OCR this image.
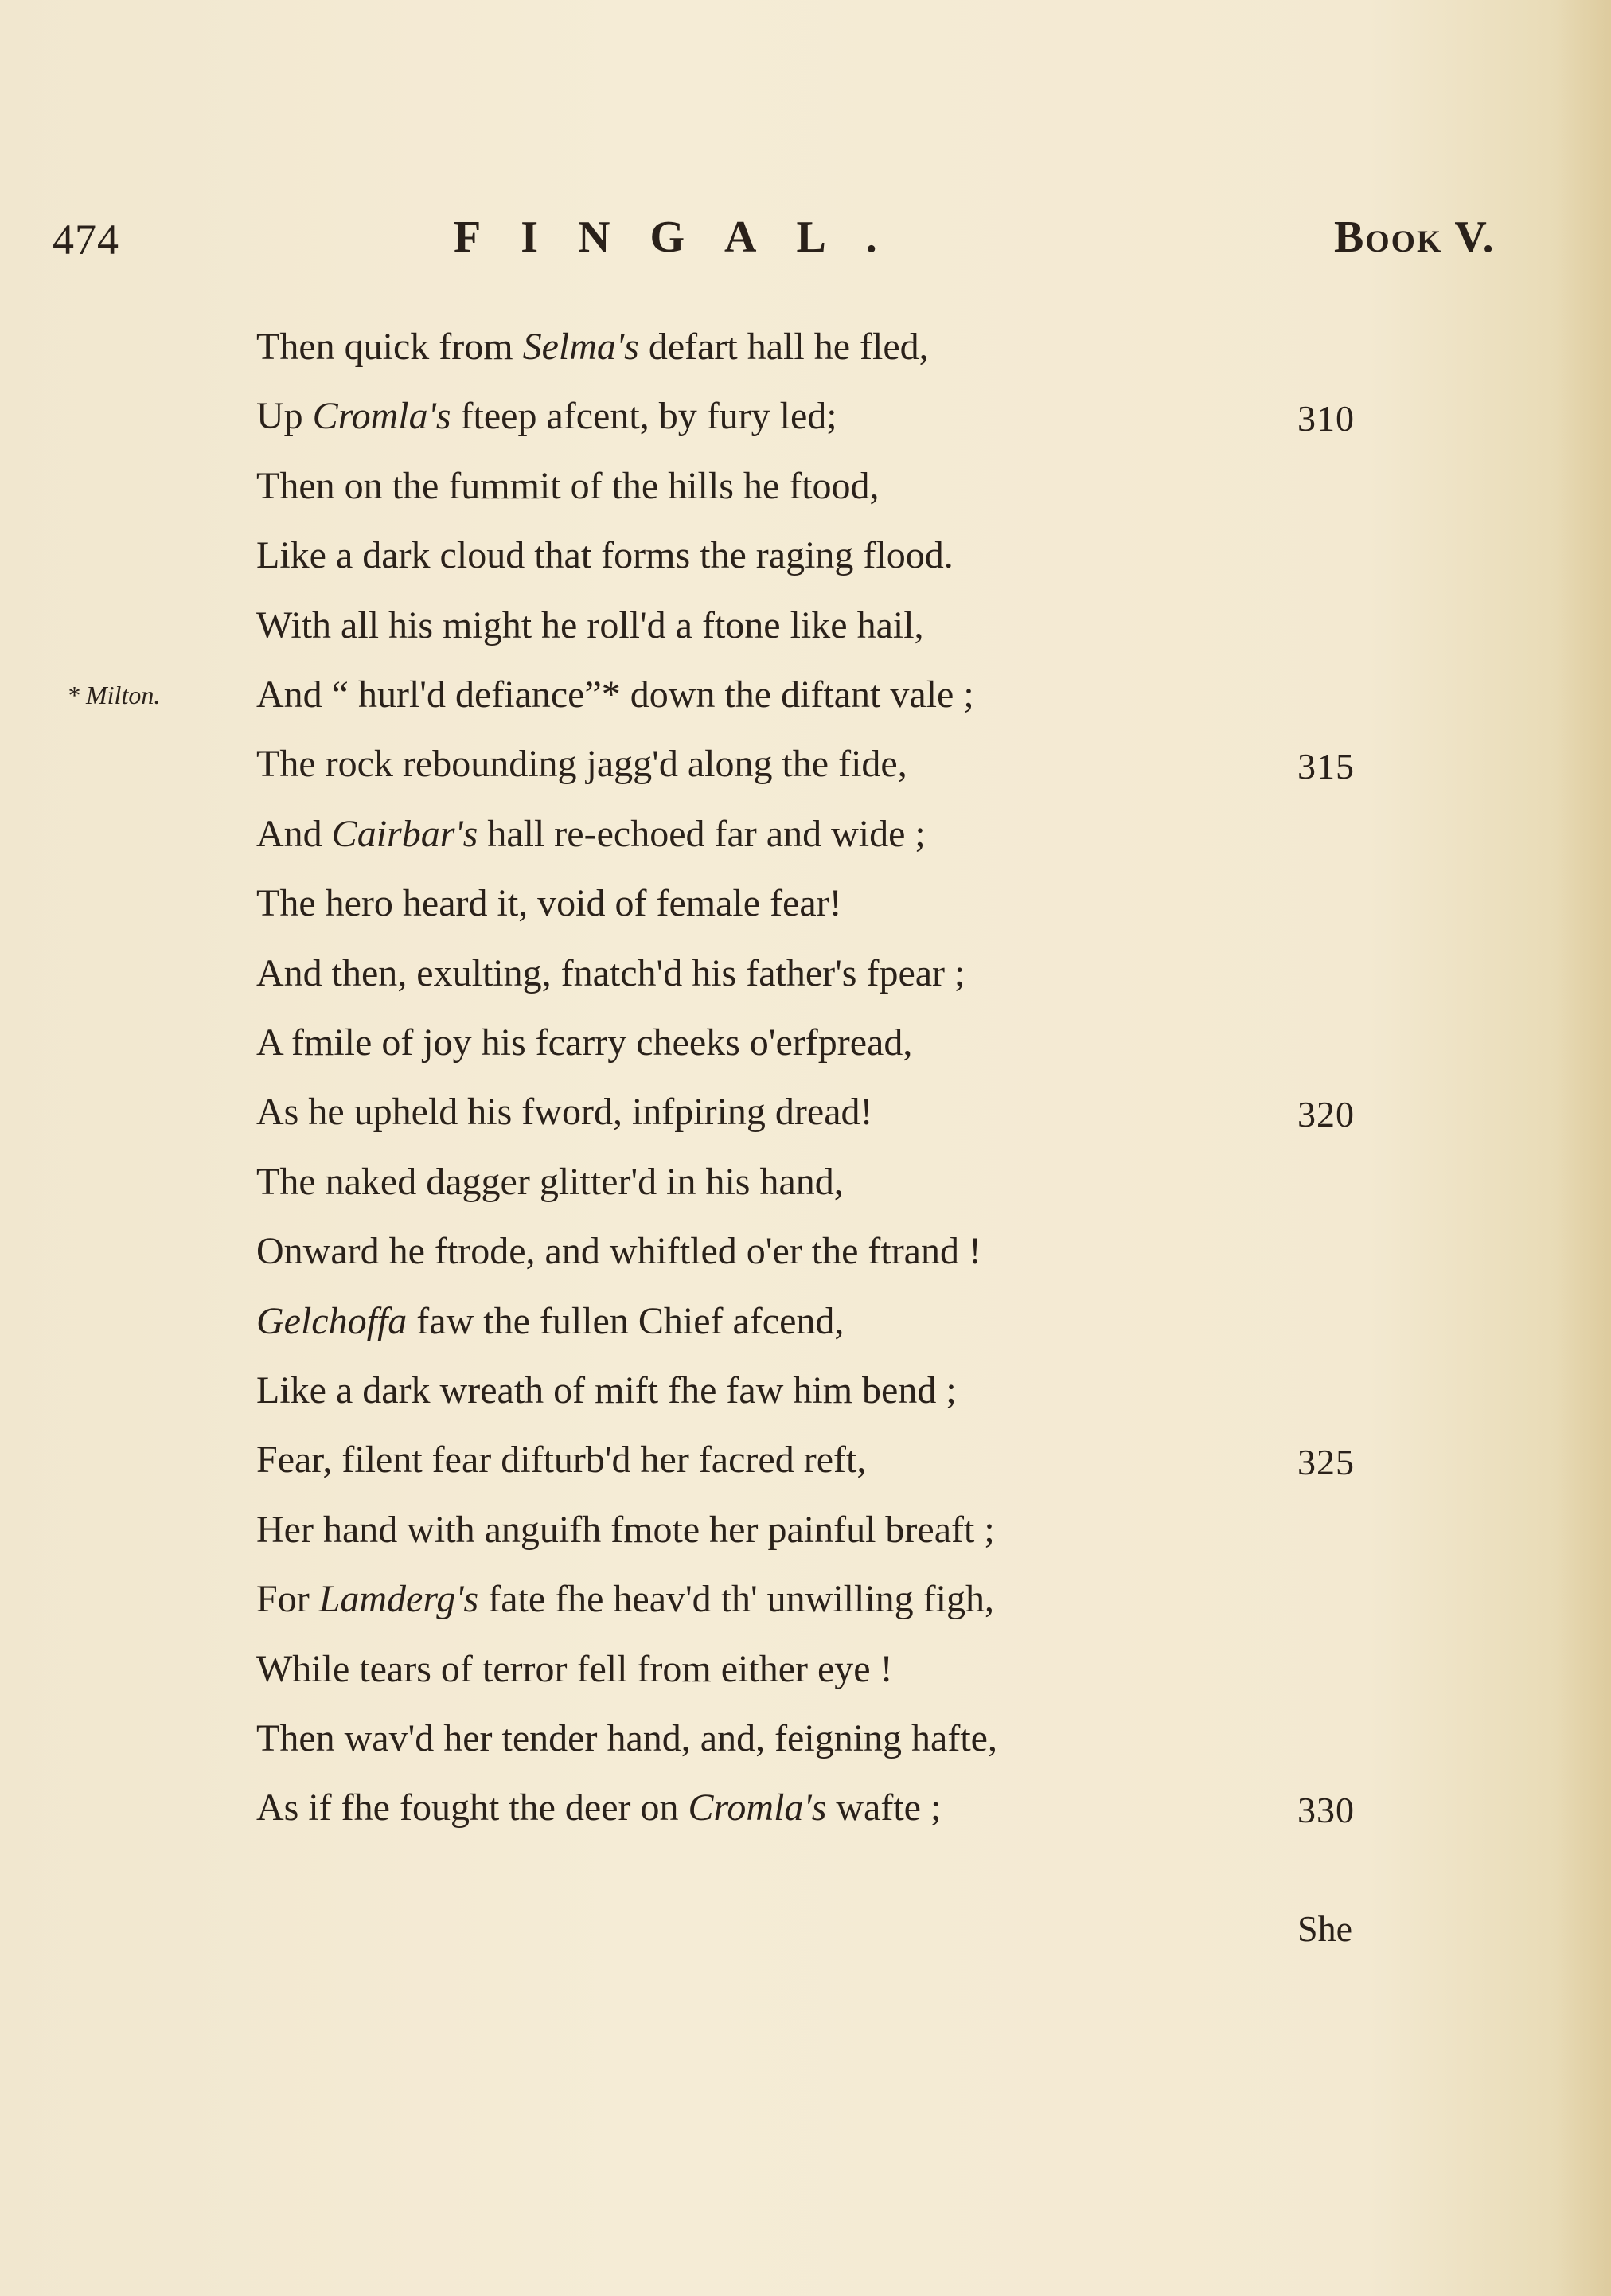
474	FINGAL.	Book V.
* Milton.
Then quick from Selma's defart hall he fled,
Up Cromla's fteep afcent, by fury led;	310
Then on the fummit of the hills he ftood,
Like a dark cloud that forms the raging flood.
With all his might he roll'd a ftone like hail,
And “ hurl'd defiance”* down the diftant vale ;
The rock rebounding jagg'd along the fide,	315
And Cairbar's hall re-echoed far and wide ;
The hero heard it, void of female fear!
And then, exulting, fnatch'd his father's fpear ;
A fmile of joy his fcarry cheeks o'erfpread,
As he upheld his fword, infpiring dread!	320
The naked dagger glitter'd in his hand,
Onward he ftrode, and whiftled o'er the ftrand !
Gelchoffa faw the fullen Chief afcend,
Like a dark wreath of mift fhe faw him bend ;
Fear, filent fear difturb'd her facred reft,	325
Her hand with anguifh fmote her painful breaft ;
For Lamderg's fate fhe heav'd th' unwilling figh,
While tears of terror fell from either eye !
Then wav'd her tender hand, and, feigning hafte,
As if fhe fought the deer on Cromla's wafte ;	330
She
